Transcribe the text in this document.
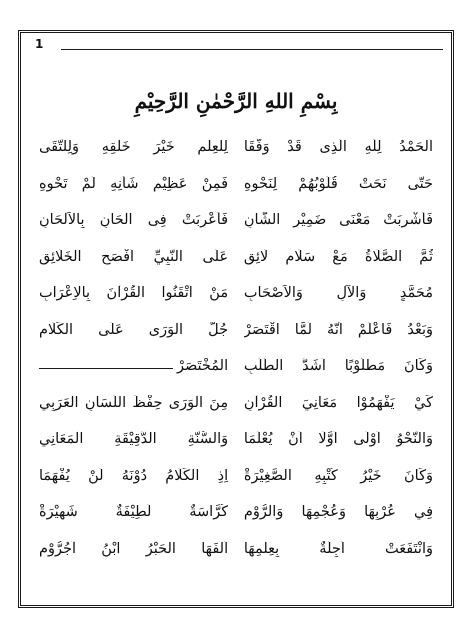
1
بِسْمِ اللهِ الرَّحْمٰنِ الرَّحِيْمِ
اَلْحَمْدُ لِلّٰهِ الَّذِى قَدْ وَفَّقَا
لِلْعِلْمِ خَيْرَ خَلْقِهِ وَلِلتُّقَى
حَتَّى نَحَتْ قُلُوْبُهُمْ لِنَحْوِهِ
فَمِنْ عَظِيْمِ شَأْنِهِ لَمْ تَحْوِهِ
فَأُشْرِبَتْ مَعْنَى ضَمِيْرِ الشَّانِ
فَأُعْرِبَتْ فِى الْحَانِ بِالْاَلْحَانِ
ثُمَّ الصَّلَاةُ مَعْ سَلَامٍ لَائِقٍ
عَلَى النَّبِيِّ اَفْصَحِ الْخَلَائِقِ
مُحَمَّدٍ وَالْآلِ وَالْاَصْحَابِ
مَنْ اَتْقَنُوا الْقُرْآنَ بِالْاِعْرَابِ
وَبَعْدُ فَاعْلَمْ اَنَّهُ لَمَّا اقْتَصَرْ
جُلُّ الْوَرَى عَلَى الْكَلَامِ
وَكَانَ مَطْلُوْبًا اَشَدَّ الطَّلَبِ
الْمُخْتَصَرْ
كَيْ يَفْهَمُوْا مَعَانِيَ الْقُرْآنِ
مِنَ الْوَرَى حِفْظُ اللِّسَانِ الْعَرَبِي
وَالنَّحْوُ اَوْلَى اَوَّلًا اَنْ يُعْلَمَا
وَالسُّنَّةِ الدَّقِيْقَةِ الْمَعَانِي
وَكَانَ خَيْرُ كُتْبِهِ الصَّغِيْرَةْ
اِذِ الْكَلَامُ دُوْنَهُ لَنْ يُفْهَمَا
فِي عُرْبِهَا وَعُجْمِهَا وَالرُّوْمِ
كُرَّاسَةٌ لَطِيْفَةٌ شَهِيْرَةْ
وَانْتَفَعَتْ اَجِلَّةٌ بِعِلْمِهَا
اَلْفَهَا الْحَبْرُ ابْنُ آجُرُّوْمِ
